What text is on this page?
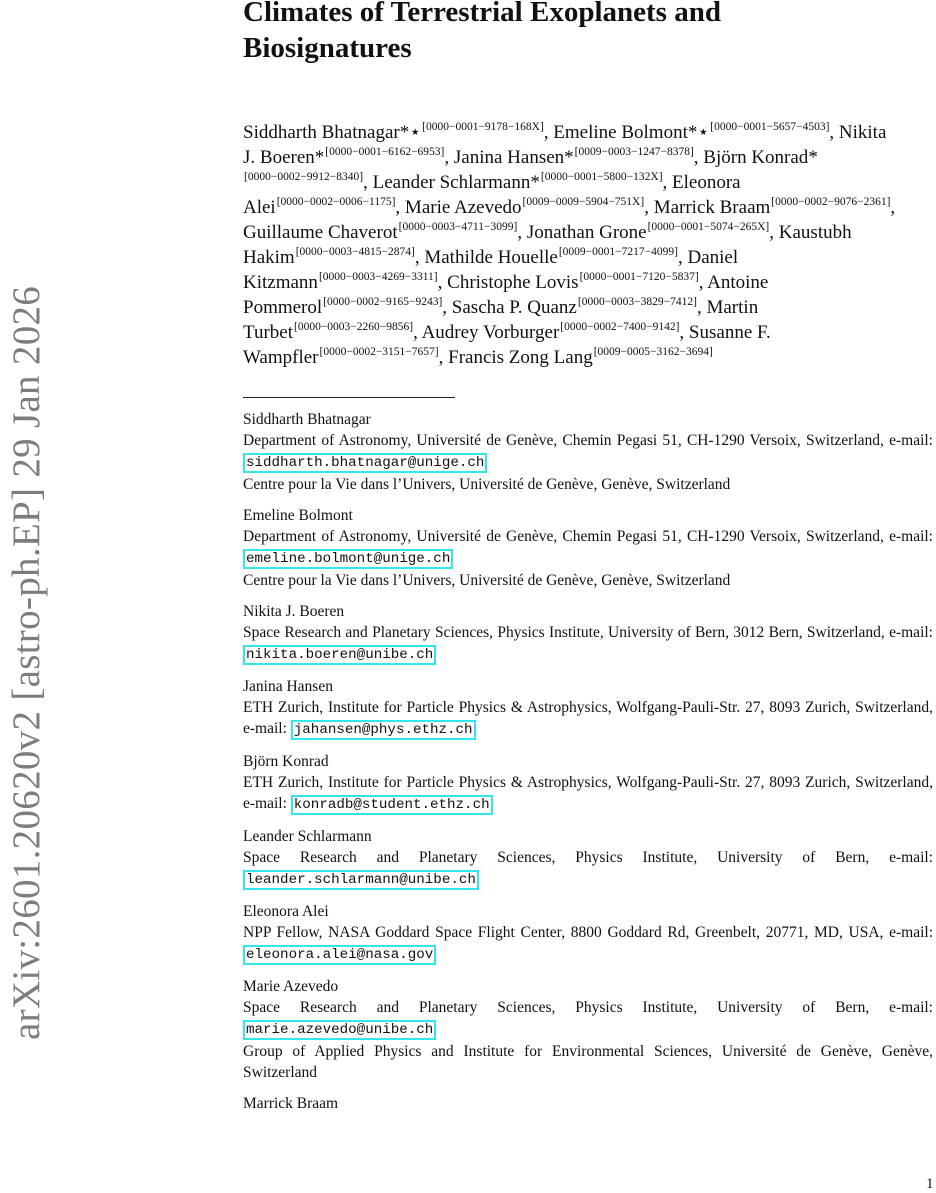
arXiv:2601.20620v2 [astro-ph.EP] 29 Jan 2026
Climates of Terrestrial Exoplanets and Biosignatures
Siddharth Bhatnagar*⋆[0000−0001−9178−168X], Emeline Bolmont*⋆[0000−0001−5657−4503], Nikita J. Boeren*[0000−0001−6162−6953], Janina Hansen*[0009−0003−1247−8378], Björn Konrad*[0000−0002−9912−8340], Leander Schlarmann*[0000−0001−5800−132X], Eleonora Alei[0000−0002−0006−1175], Marie Azevedo[0009−0009−5904−751X], Marrick Braam[0000−0002−9076−2361], Guillaume Chaverot[0000−0003−4711−3099], Jonathan Grone[0000−0001−5074−265X], Kaustubh Hakim[0000−0003−4815−2874], Mathilde Houelle[0009−0001−7217−4099], Daniel Kitzmann[0000−0003−4269−3311], Christophe Lovis[0000−0001−7120−5837], Antoine Pommerol[0000−0002−9165−9243], Sascha P. Quanz[0000−0003−3829−7412], Martin Turbet[0000−0003−2260−9856], Audrey Vorburger[0000−0002−7400−9142], Susanne F. Wampfler[0000−0002−3151−7657], Francis Zong Lang[0009−0005−3162−3694]
Siddharth Bhatnagar
Department of Astronomy, Université de Genève, Chemin Pegasi 51, CH-1290 Versoix, Switzerland, e-mail: siddharth.bhatnagar@unige.ch
Centre pour la Vie dans l’Univers, Université de Genève, Genève, Switzerland
Emeline Bolmont
Department of Astronomy, Université de Genève, Chemin Pegasi 51, CH-1290 Versoix, Switzerland, e-mail: emeline.bolmont@unige.ch
Centre pour la Vie dans l’Univers, Université de Genève, Genève, Switzerland
Nikita J. Boeren
Space Research and Planetary Sciences, Physics Institute, University of Bern, 3012 Bern, Switzerland, e-mail: nikita.boeren@unibe.ch
Janina Hansen
ETH Zurich, Institute for Particle Physics & Astrophysics, Wolfgang-Pauli-Str. 27, 8093 Zurich, Switzerland, e-mail: jahansen@phys.ethz.ch
Björn Konrad
ETH Zurich, Institute for Particle Physics & Astrophysics, Wolfgang-Pauli-Str. 27, 8093 Zurich, Switzerland, e-mail: konradb@student.ethz.ch
Leander Schlarmann
Space Research and Planetary Sciences, Physics Institute, University of Bern, e-mail: leander.schlarmann@unibe.ch
Eleonora Alei
NPP Fellow, NASA Goddard Space Flight Center, 8800 Goddard Rd, Greenbelt, 20771, MD, USA, e-mail: eleonora.alei@nasa.gov
Marie Azevedo
Space Research and Planetary Sciences, Physics Institute, University of Bern, e-mail: marie.azevedo@unibe.ch
Group of Applied Physics and Institute for Environmental Sciences, Université de Genève, Genève, Switzerland
Marrick Braam
1
